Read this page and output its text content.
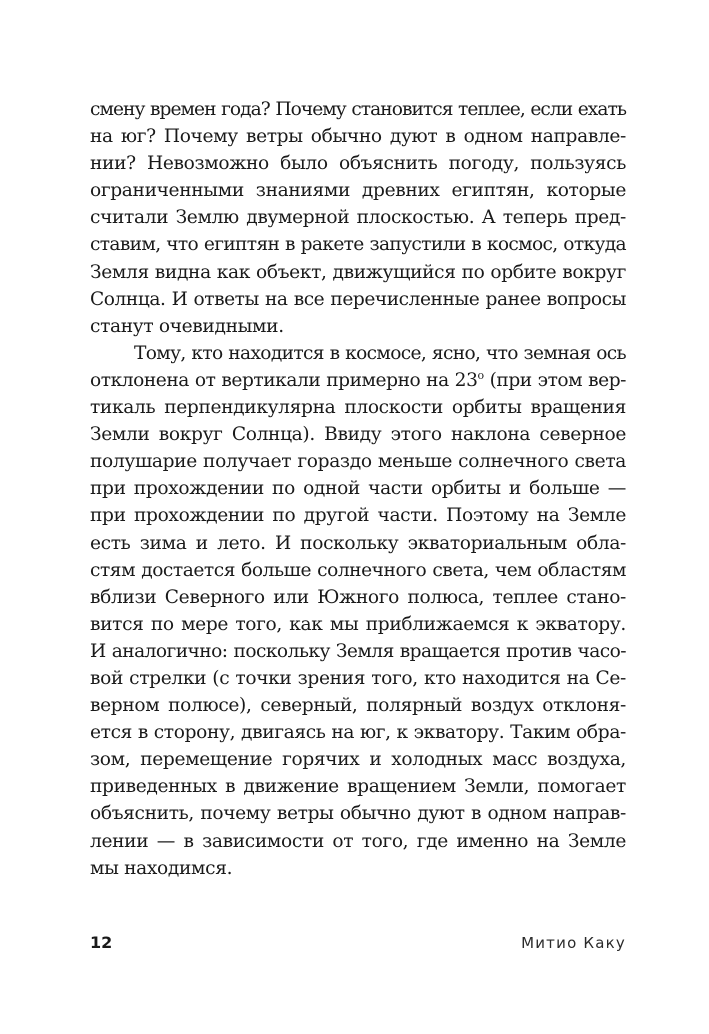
смену времен года? Почему становится теплее, если ехать
на юг? Почему ветры обычно дуют в одном направле-
нии? Невозможно было объяснить погоду, пользуясь
ограниченными знаниями древних египтян, которые
считали Землю двумерной плоскостью. А теперь пред-
ставим, что египтян в ракете запустили в космос, откуда
Земля видна как объект, движущийся по орбите вокруг
Солнца. И ответы на все перечисленные ранее вопросы
станут очевидными.
Тому, кто находится в космосе, ясно, что земная ось
отклонена от вертикали примерно на 23$^o$ (при этом вер-
тикаль перпендикулярна плоскости орбиты вращения
Земли вокруг Солнца). Ввиду этого наклона северное
полушарие получает гораздо меньше солнечного света
при прохождении по одной части орбиты и больше —
при прохождении по другой части. Поэтому на Земле
есть зима и лето. И поскольку экваториальным обла-
стям достается больше солнечного света, чем областям
вблизи Северного или Южного полюса, теплее стано-
вится по мере того, как мы приближаемся к экватору.
И аналогично: поскольку Земля вращается против часо-
вой стрелки (с точки зрения того, кто находится на Се-
верном полюсе), северный, полярный воздух отклоня-
ется в сторону, двигаясь на юг, к экватору. Таким обра-
зом, перемещение горячих и холодных масс воздуха,
приведенных в движение вращением Земли, помогает
объяснить, почему ветры обычно дуют в одном направ-
лении — в зависимости от того, где именно на Земле
мы находимся.
12	Митио Каку
